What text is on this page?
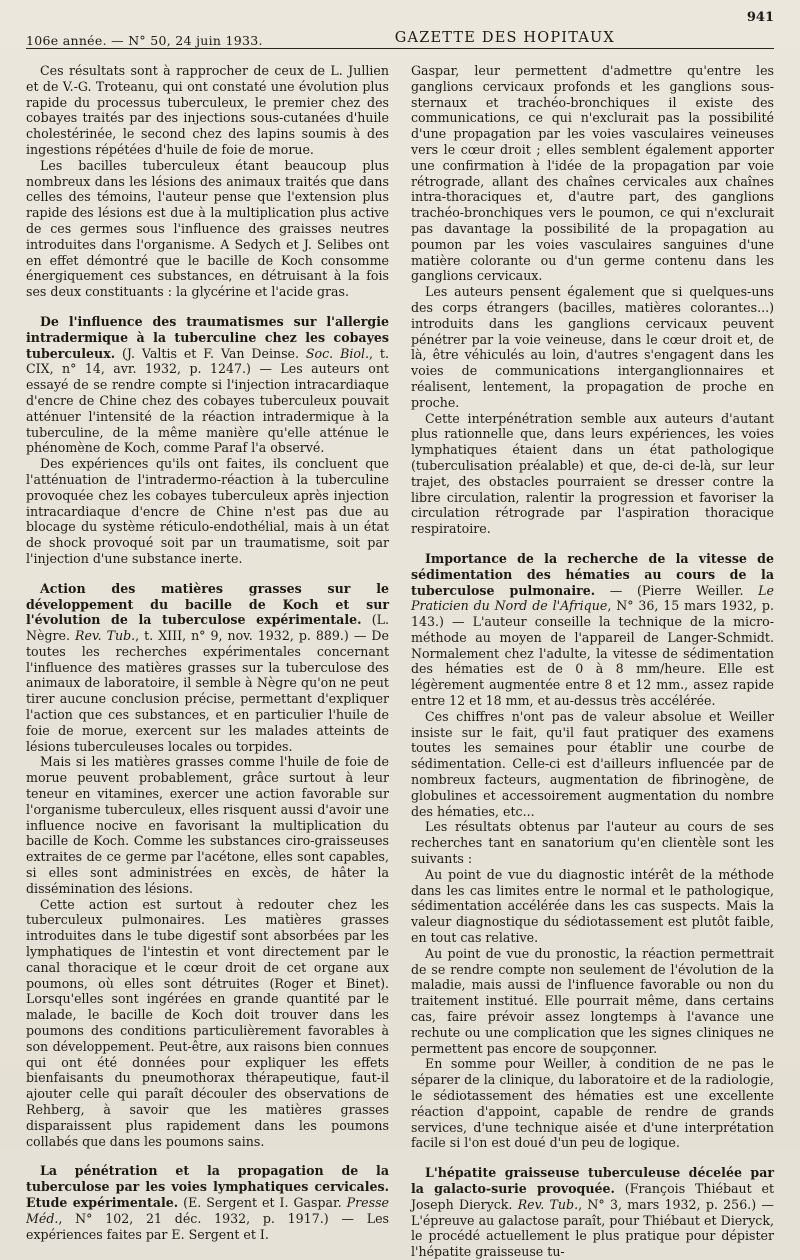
106e année. — N° 50, 24 juin 1933.	GAZETTE DES HOPITAUX
941

Ces résultats sont à rapprocher de ceux de L. Jullien et de V.-G. Troteanu, qui ont constaté une évolution plus rapide du processus tuberculeux, le premier chez des cobayes traités par des injections sous-cutanées d'huile cholestérinée, le second chez des lapins soumis à des ingestions répétées d'huile de foie de morue.

Les bacilles tuberculeux étant beaucoup plus nombreux dans les lésions des animaux traités que dans celles des témoins, l'auteur pense que l'extension plus rapide des lésions est due à la multiplication plus active de ces germes sous l'influence des graisses neutres introduites dans l'organisme. A Sedych et J. Selibes ont en effet démontré que le bacille de Koch consomme énergiquement ces substances, en détruisant à la fois ses deux constituants : la glycérine et l'acide gras.

De l'influence des traumatismes sur l'allergie intradermique à la tuberculine chez les cobayes tuberculeux. (J. Valtis et F. Van Deinse. Soc. Biol., t. CIX, n° 14, avr. 1932, p. 1247.) — Les auteurs ont essayé de se rendre compte si l'injection intracardiaque d'encre de Chine chez des cobayes tuberculeux pouvait atténuer l'intensité de la réaction intradermique à la tuberculine, de la même manière qu'elle atténue le phénomène de Koch, comme Paraf l'a observé.

Des expériences qu'ils ont faites, ils concluent que l'atténuation de l'intradermo-réaction à la tuberculine provoquée chez les cobayes tuberculeux après injection intracardiaque d'encre de Chine n'est pas due au blocage du système réticulo-endothélial, mais à un état de shock provoqué soit par un traumatisme, soit par l'injection d'une substance inerte.

Action des matières grasses sur le développement du bacille de Koch et sur l'évolution de la tuberculose expérimentale. (L. Nègre. Rev. Tub., t. XIII, n° 9, nov. 1932, p. 889.) — De toutes les recherches expérimentales concernant l'influence des matières grasses sur la tuberculose des animaux de laboratoire, il semble à Nègre qu'on ne peut tirer aucune conclusion précise, permettant d'expliquer l'action que ces substances, et en particulier l'huile de foie de morue, exercent sur les malades atteints de lésions tuberculeuses locales ou torpides.

Mais si les matières grasses comme l'huile de foie de morue peuvent probablement, grâce surtout à leur teneur en vitamines, exercer une action favorable sur l'organisme tuberculeux, elles risquent aussi d'avoir une influence nocive en favorisant la multiplication du bacille de Koch. Comme les substances ciro-graisseuses extraites de ce germe par l'acétone, elles sont capables, si elles sont administrées en excès, de hâter la dissémination des lésions.

Cette action est surtout à redouter chez les tuberculeux pulmonaires. Les matières grasses introduites dans le tube digestif sont absorbées par les lymphatiques de l'intestin et vont directement par le canal thoracique et le cœur droit de cet organe aux poumons, où elles sont détruites (Roger et Binet). Lorsqu'elles sont ingérées en grande quantité par le malade, le bacille de Koch doit trouver dans les poumons des conditions particulièrement favorables à son développement. Peut-être, aux raisons bien connues qui ont été données pour expliquer les effets bienfaisants du pneumothorax thérapeutique, faut-il ajouter celle qui paraît découler des observations de Rehberg, à savoir que les matières grasses disparaissent plus rapidement dans les poumons collabés que dans les poumons sains.

La pénétration et la propagation de la tuberculose par les voies lymphatiques cervicales. Etude expérimentale. (E. Sergent et I. Gaspar. Presse Méd., N° 102, 21 déc. 1932, p. 1917.) — Les expériences faites par E. Sergent et I.

Gaspar, leur permettent d'admettre qu'entre les ganglions cervicaux profonds et les ganglions sous-sternaux et trachéo-bronchiques il existe des communications, ce qui n'exclurait pas la possibilité d'une propagation par les voies vasculaires veineuses vers le cœur droit ; elles semblent également apporter une confirmation à l'idée de la propagation par voie rétrograde, allant des chaînes cervicales aux chaînes intra-thoraciques et, d'autre part, des ganglions trachéo-bronchiques vers le poumon, ce qui n'exclurait pas davantage la possibilité de la propagation au poumon par les voies vasculaires sanguines d'une matière colorante ou d'un germe contenu dans les ganglions cervicaux.

Les auteurs pensent également que si quelques-uns des corps étrangers (bacilles, matières colorantes...) introduits dans les ganglions cervicaux peuvent pénétrer par la voie veineuse, dans le cœur droit et, de là, être véhiculés au loin, d'autres s'engagent dans les voies de communications interganglionnaires et réalisent, lentement, la propagation de proche en proche.

Cette interpénétration semble aux auteurs d'autant plus rationnelle que, dans leurs expériences, les voies lymphatiques étaient dans un état pathologique (tuberculisation préalable) et que, de-ci de-là, sur leur trajet, des obstacles pourraient se dresser contre la libre circulation, ralentir la progression et favoriser la circulation rétrograde par l'aspiration thoracique respiratoire.

Importance de la recherche de la vitesse de sédimentation des hématies au cours de la tuberculose pulmonaire. — (Pierre Weiller. Le Praticien du Nord de l'Afrique, N° 36, 15 mars 1932, p. 143.) — L'auteur conseille la technique de la micro-méthode au moyen de l'appareil de Langer-Schmidt. Normalement chez l'adulte, la vitesse de sédimentation des hématies est de 0 à 8 mm/heure. Elle est légèrement augmentée entre 8 et 12 mm., assez rapide entre 12 et 18 mm, et au-dessus très accélérée.

Ces chiffres n'ont pas de valeur absolue et Weiller insiste sur le fait, qu'il faut pratiquer des examens toutes les semaines pour établir une courbe de sédimentation. Celle-ci est d'ailleurs influencée par de nombreux facteurs, augmentation de fibrinogène, de globulines et accessoirement augmentation du nombre des hématies, etc...

Les résultats obtenus par l'auteur au cours de ses recherches tant en sanatorium qu'en clientèle sont les suivants :

Au point de vue du diagnostic intérêt de la méthode dans les cas limites entre le normal et le pathologique, sédimentation accélérée dans les cas suspects. Mais la valeur diagnostique du sédiotassement est plutôt faible, en tout cas relative.

Au point de vue du pronostic, la réaction permettrait de se rendre compte non seulement de l'évolution de la maladie, mais aussi de l'influence favorable ou non du traitement institué. Elle pourrait même, dans certains cas, faire prévoir assez longtemps à l'avance une rechute ou une complication que les signes cliniques ne permettent pas encore de soupçonner.

En somme pour Weiller, à condition de ne pas le séparer de la clinique, du laboratoire et de la radiologie, le sédiotassement des hématies est une excellente réaction d'appoint, capable de rendre de grands services, d'une technique aisée et d'une interprétation facile si l'on est doué d'un peu de logique.

L'hépatite graisseuse tuberculeuse décelée par la galacto-surie provoquée. (François Thiébaut et Joseph Dieryck. Rev. Tub., N° 3, mars 1932, p. 256.) — L'épreuve au galactose paraît, pour Thiébaut et Dieryck, le procédé actuellement le plus pratique pour dépister l'hépatite graisseuse tu-
